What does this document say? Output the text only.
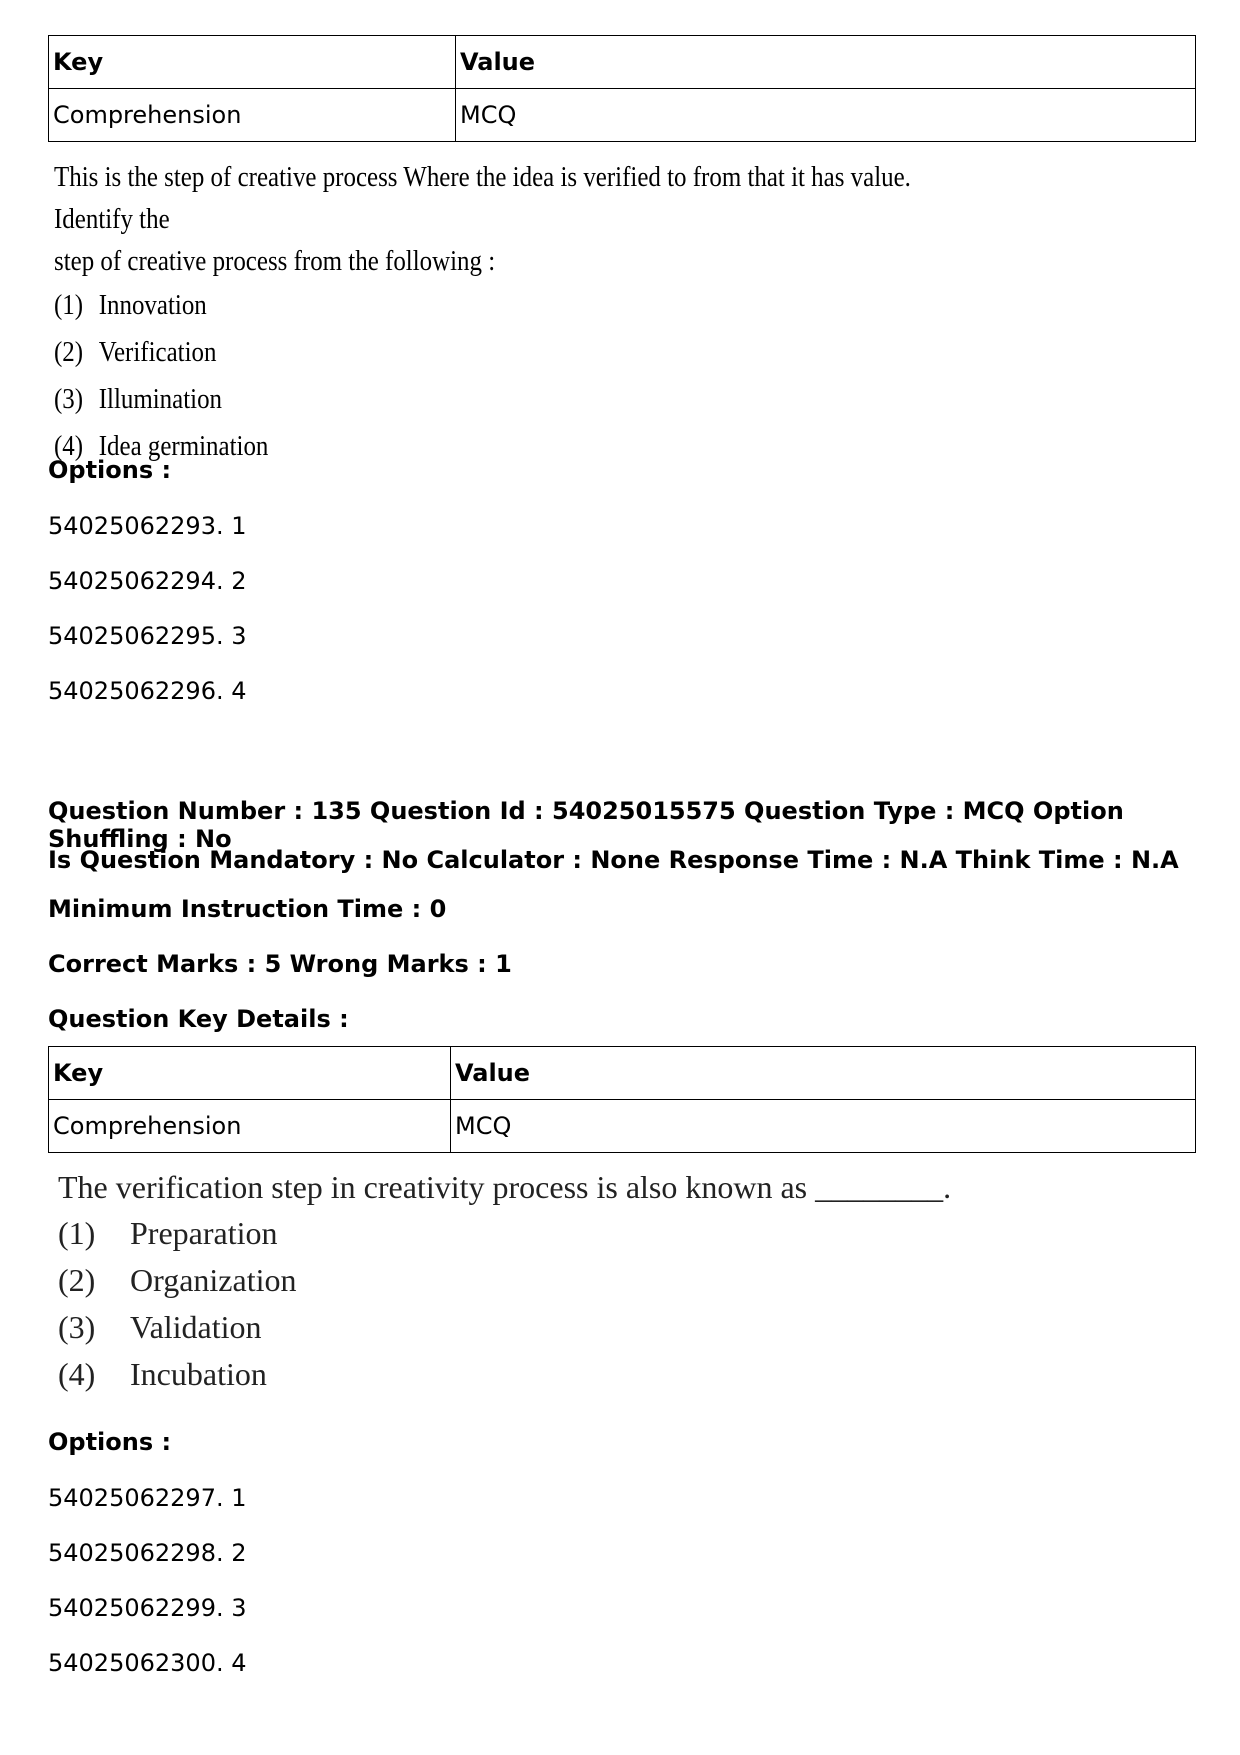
Key	Value
Comprehension	MCQ
This is the step of creative process Where the idea is verified to from that it has value. Identify the
step of creative process from the following :
(1) Innovation
(2) Verification
(3) Illumination
(4) Idea germination
Options :
54025062293. 1
54025062294. 2
54025062295. 3
54025062296. 4
Question Number : 135 Question Id : 54025015575 Question Type : MCQ Option Shuffling : No
Is Question Mandatory : No Calculator : None Response Time : N.A Think Time : N.A
Minimum Instruction Time : 0
Correct Marks : 5 Wrong Marks : 1
Question Key Details :
Key	Value
Comprehension	MCQ
The verification step in creativity process is also known as ________.
(1)	Preparation
(2)	Organization
(3)	Validation
(4)	Incubation
Options :
54025062297. 1
54025062298. 2
54025062299. 3
54025062300. 4
